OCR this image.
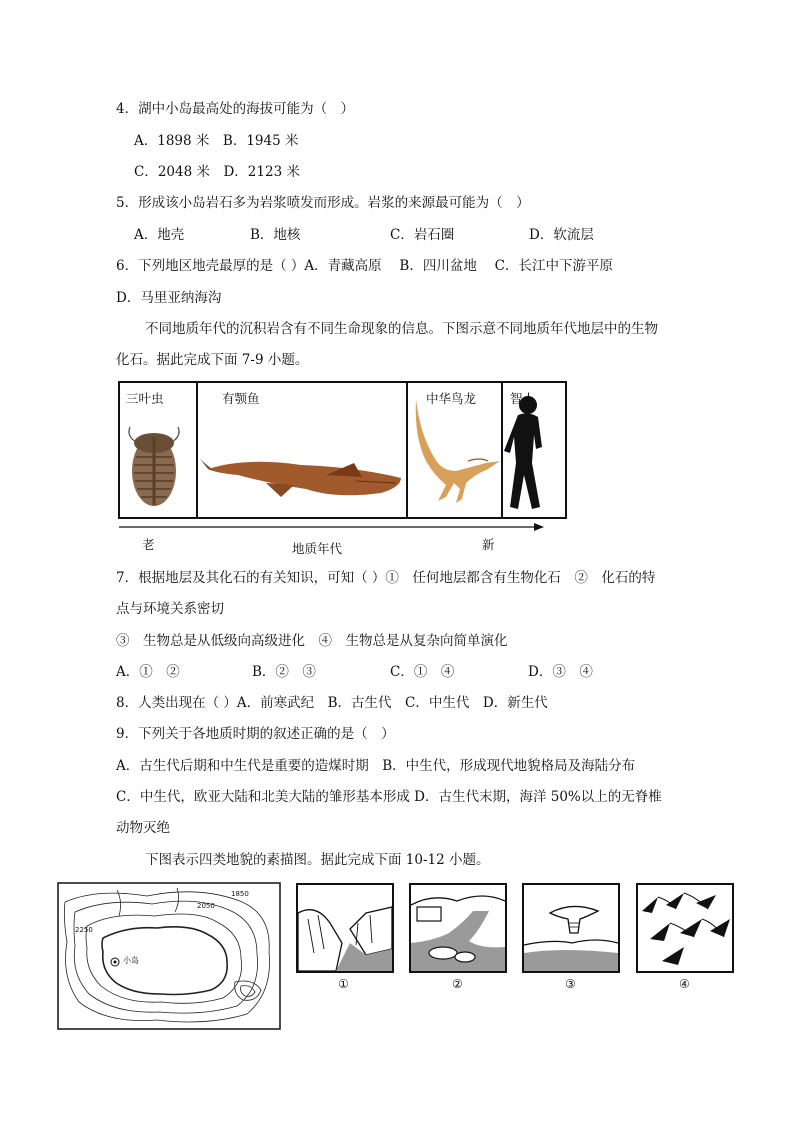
4．湖中小岛最高处的海拔可能为（　）
A．1898 米　B．1945 米
C．2048 米　D．2123 米
5．形成该小岛岩石多为岩浆喷发而形成。岩浆的来源最可能为（　）
A．地壳	B．地核	C．岩石圈	D．软流层
6．下列地区地壳最厚的是（ ）A．青藏高原　 B．四川盆地　 C．长江中下游平原
D．马里亚纳海沟
不同地质年代的沉积岩含有不同生命现象的信息。下图示意不同地质年代地层中的生物
化石。据此完成下面 7-9 小题。
三叶虫	有颚鱼	中华鸟龙	智人
老	地质年代	新
7．根据地层及其化石的有关知识，可知（ ）①　任何地层都含有生物化石　②　化石的特
点与环境关系密切
③　生物总是从低级向高级进化　④　生物总是从复杂向简单演化
A．①　②	B．②　③	C．①　④	D．③　④
8．人类出现在（ ）A．前寒武纪　B．古生代　C．中生代　D．新生代
9．下列关于各地质时期的叙述正确的是（　）
A．古生代后期和中生代是重要的造煤时期　B．中生代，形成现代地貌格局及海陆分布
C．中生代，欧亚大陆和北美大陆的雏形基本形成 D．古生代末期，海洋 50%以上的无脊椎
动物灭绝
下图表示四类地貌的素描图。据此完成下面 10-12 小题。
小岛
2250
2050
1850
①	②	③	④
